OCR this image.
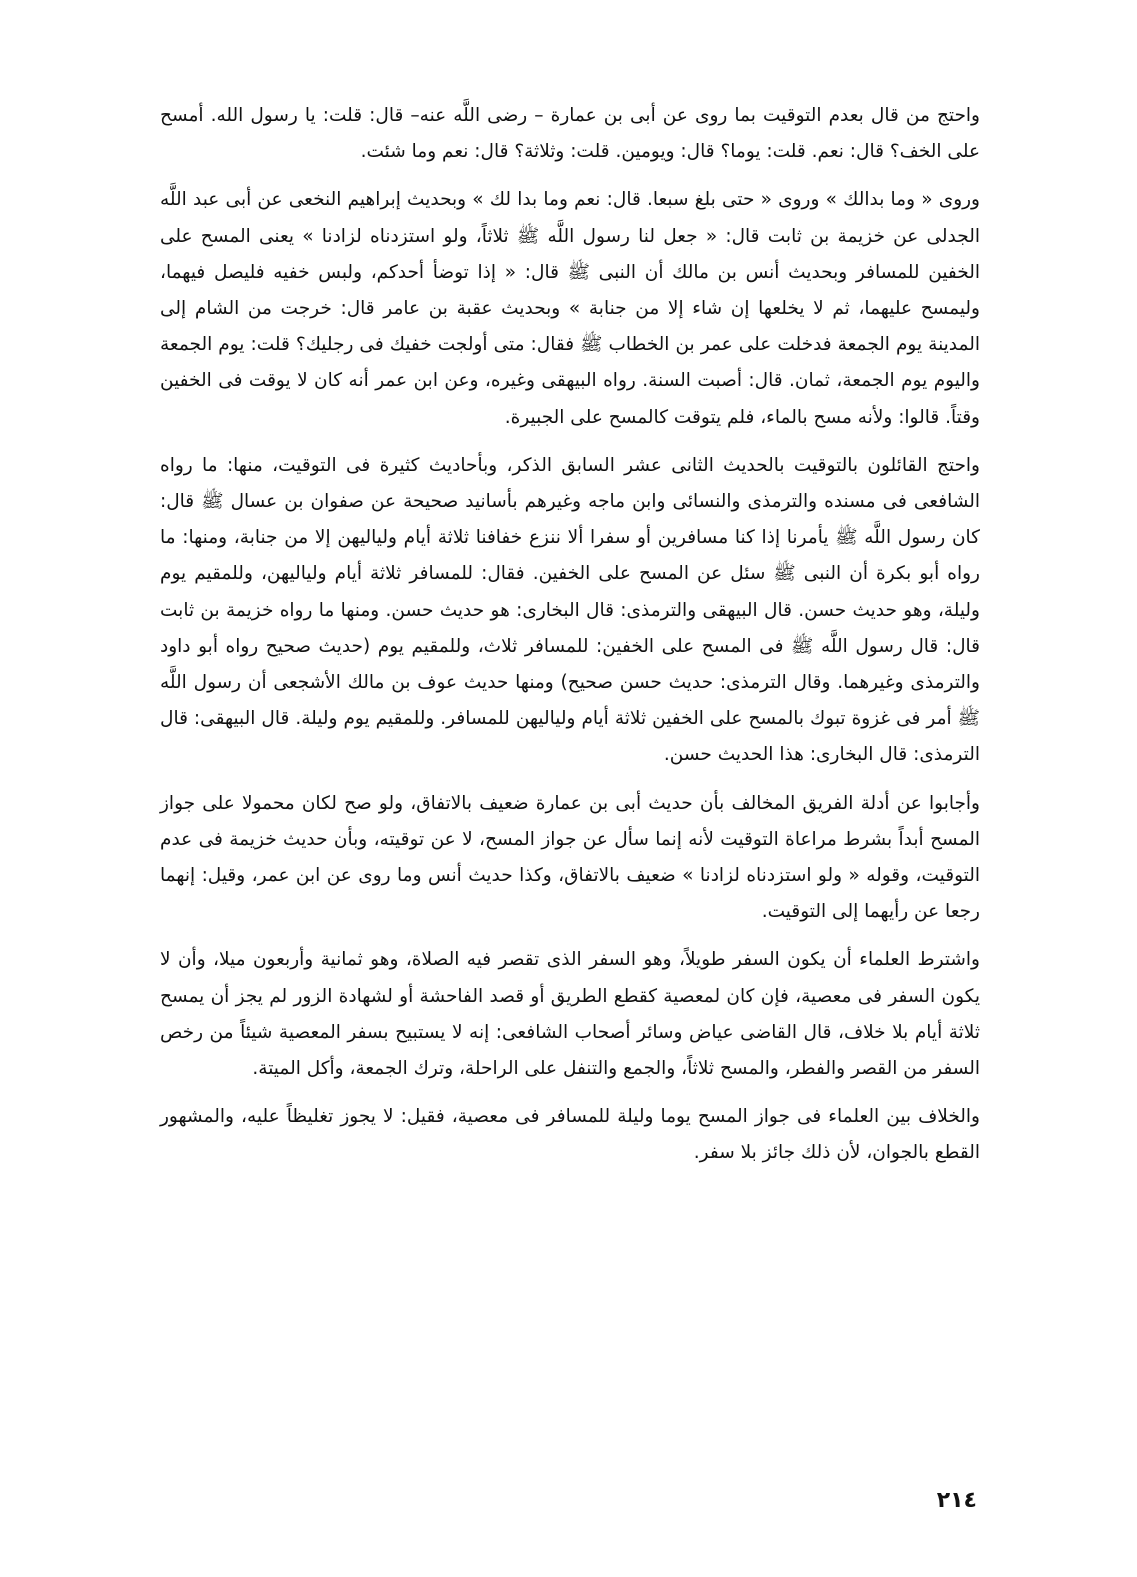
واحتج من قال بعدم التوقيت بما روى عن أبى بن عمارة – رضى اللَّه عنه– قال: قلت: يا رسول الله. أمسح على الخف؟ قال: نعم. قلت: يوما؟ قال: ويومين. قلت: وثلاثة؟ قال: نعم وما شئت.

وروى « وما بدالك » وروى « حتى بلغ سبعا. قال: نعم وما بدا لك » وبحديث إبراهيم النخعى عن أبى عبد اللَّه الجدلى عن خزيمة بن ثابت قال: « جعل لنا رسول اللَّه ﷺ ثلاثاً، ولو استزدناه لزادنا » يعنى المسح على الخفين للمسافر وبحديث أنس بن مالك أن النبى ﷺ قال: « إذا توضأ أحدكم، ولبس خفيه فليصل فيهما، وليمسح عليهما، ثم لا يخلعها إن شاء إلا من جنابة » وبحديث عقبة بن عامر قال: خرجت من الشام إلى المدينة يوم الجمعة فدخلت على عمر بن الخطاب ﷺ فقال: متى أولجت خفيك فى رجليك؟ قلت: يوم الجمعة واليوم يوم الجمعة، ثمان. قال: أصبت السنة. رواه البيهقى وغيره، وعن ابن عمر أنه كان لا يوقت فى الخفين وقتاً. قالوا: ولأنه مسح بالماء، فلم يتوقت كالمسح على الجبيرة.

واحتج القائلون بالتوقيت بالحديث الثانى عشر السابق الذكر، وبأحاديث كثيرة فى التوقيت، منها: ما رواه الشافعى فى مسنده والترمذى والنسائى وابن ماجه وغيرهم بأسانيد صحيحة عن صفوان بن عسال ﷺ قال: كان رسول اللَّه ﷺ يأمرنا إذا كنا مسافرين أو سفرا ألا ننزع خفافنا ثلاثة أيام ولياليهن إلا من جنابة، ومنها: ما رواه أبو بكرة أن النبى ﷺ سئل عن المسح على الخفين. فقال: للمسافر ثلاثة أيام ولياليهن، وللمقيم يوم وليلة، وهو حديث حسن. قال البيهقى والترمذى: قال البخارى: هو حديث حسن. ومنها ما رواه خزيمة بن ثابت قال: قال رسول اللَّه ﷺ فى المسح على الخفين: للمسافر ثلاث، وللمقيم يوم (حديث صحيح رواه أبو داود والترمذى وغيرهما. وقال الترمذى: حديث حسن صحيح) ومنها حديث عوف بن مالك الأشجعى أن رسول اللَّه ﷺ أمر فى غزوة تبوك بالمسح على الخفين ثلاثة أيام ولياليهن للمسافر. وللمقيم يوم وليلة. قال البيهقى: قال الترمذى: قال البخارى: هذا الحديث حسن.

وأجابوا عن أدلة الفريق المخالف بأن حديث أبى بن عمارة ضعيف بالاتفاق، ولو صح لكان محمولا على جواز المسح أبداً بشرط مراعاة التوقيت لأنه إنما سأل عن جواز المسح، لا عن توقيته، وبأن حديث خزيمة فى عدم التوقيت، وقوله « ولو استزدناه لزادنا » ضعيف بالاتفاق، وكذا حديث أنس وما روى عن ابن عمر، وقيل: إنهما رجعا عن رأيهما إلى التوقيت.

واشترط العلماء أن يكون السفر طويلاً، وهو السفر الذى تقصر فيه الصلاة، وهو ثمانية وأربعون ميلا، وأن لا يكون السفر فى معصية، فإن كان لمعصية كقطع الطريق أو قصد الفاحشة أو لشهادة الزور لم يجز أن يمسح ثلاثة أيام بلا خلاف، قال القاضى عياض وسائر أصحاب الشافعى: إنه لا يستبيح بسفر المعصية شيئاً من رخص السفر من القصر والفطر، والمسح ثلاثاً، والجمع والتنفل على الراحلة، وترك الجمعة، وأكل الميتة.

والخلاف بين العلماء فى جواز المسح يوما وليلة للمسافر فى معصية، فقيل: لا يجوز تغليظاً عليه، والمشهور القطع بالجوان، لأن ذلك جائز بلا سفر.

٢١٤
